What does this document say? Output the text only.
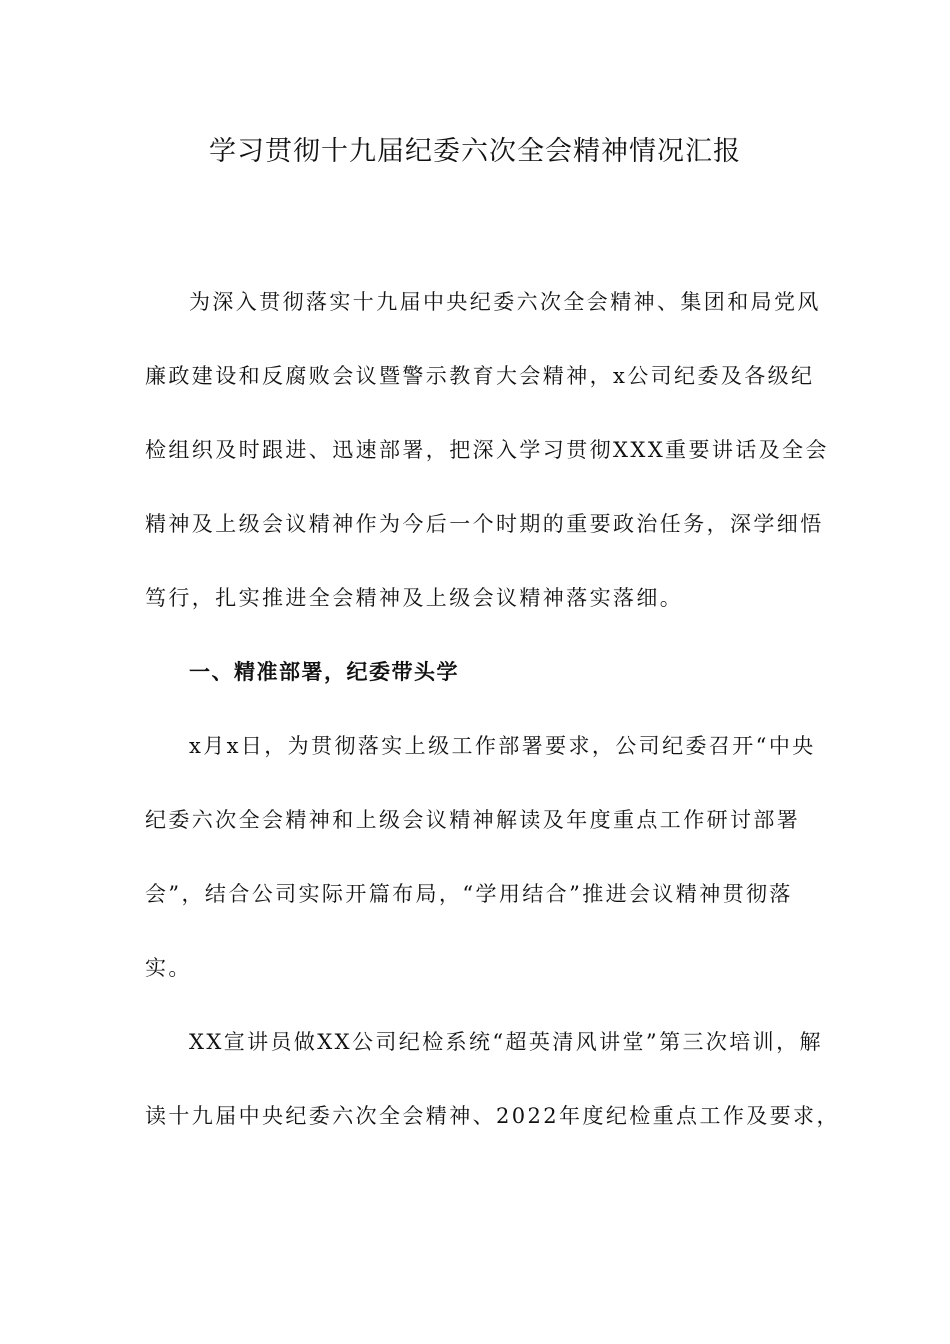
学习贯彻十九届纪委六次全会精神情况汇报
为深入贯彻落实十九届中央纪委六次全会精神、集团和局党风
廉政建设和反腐败会议暨警示教育大会精神，x公司纪委及各级纪
检组织及时跟进、迅速部署，把深入学习贯彻XXX重要讲话及全会
精神及上级会议精神作为今后一个时期的重要政治任务，深学细悟
笃行，扎实推进全会精神及上级会议精神落实落细。
一、精准部署，纪委带头学
x月x日，为贯彻落实上级工作部署要求，公司纪委召开“中央
纪委六次全会精神和上级会议精神解读及年度重点工作研讨部署
会”，结合公司实际开篇布局，“学用结合”推进会议精神贯彻落
实。
XX宣讲员做XX公司纪检系统“超英清风讲堂”第三次培训，解
读十九届中央纪委六次全会精神、2022年度纪检重点工作及要求，
